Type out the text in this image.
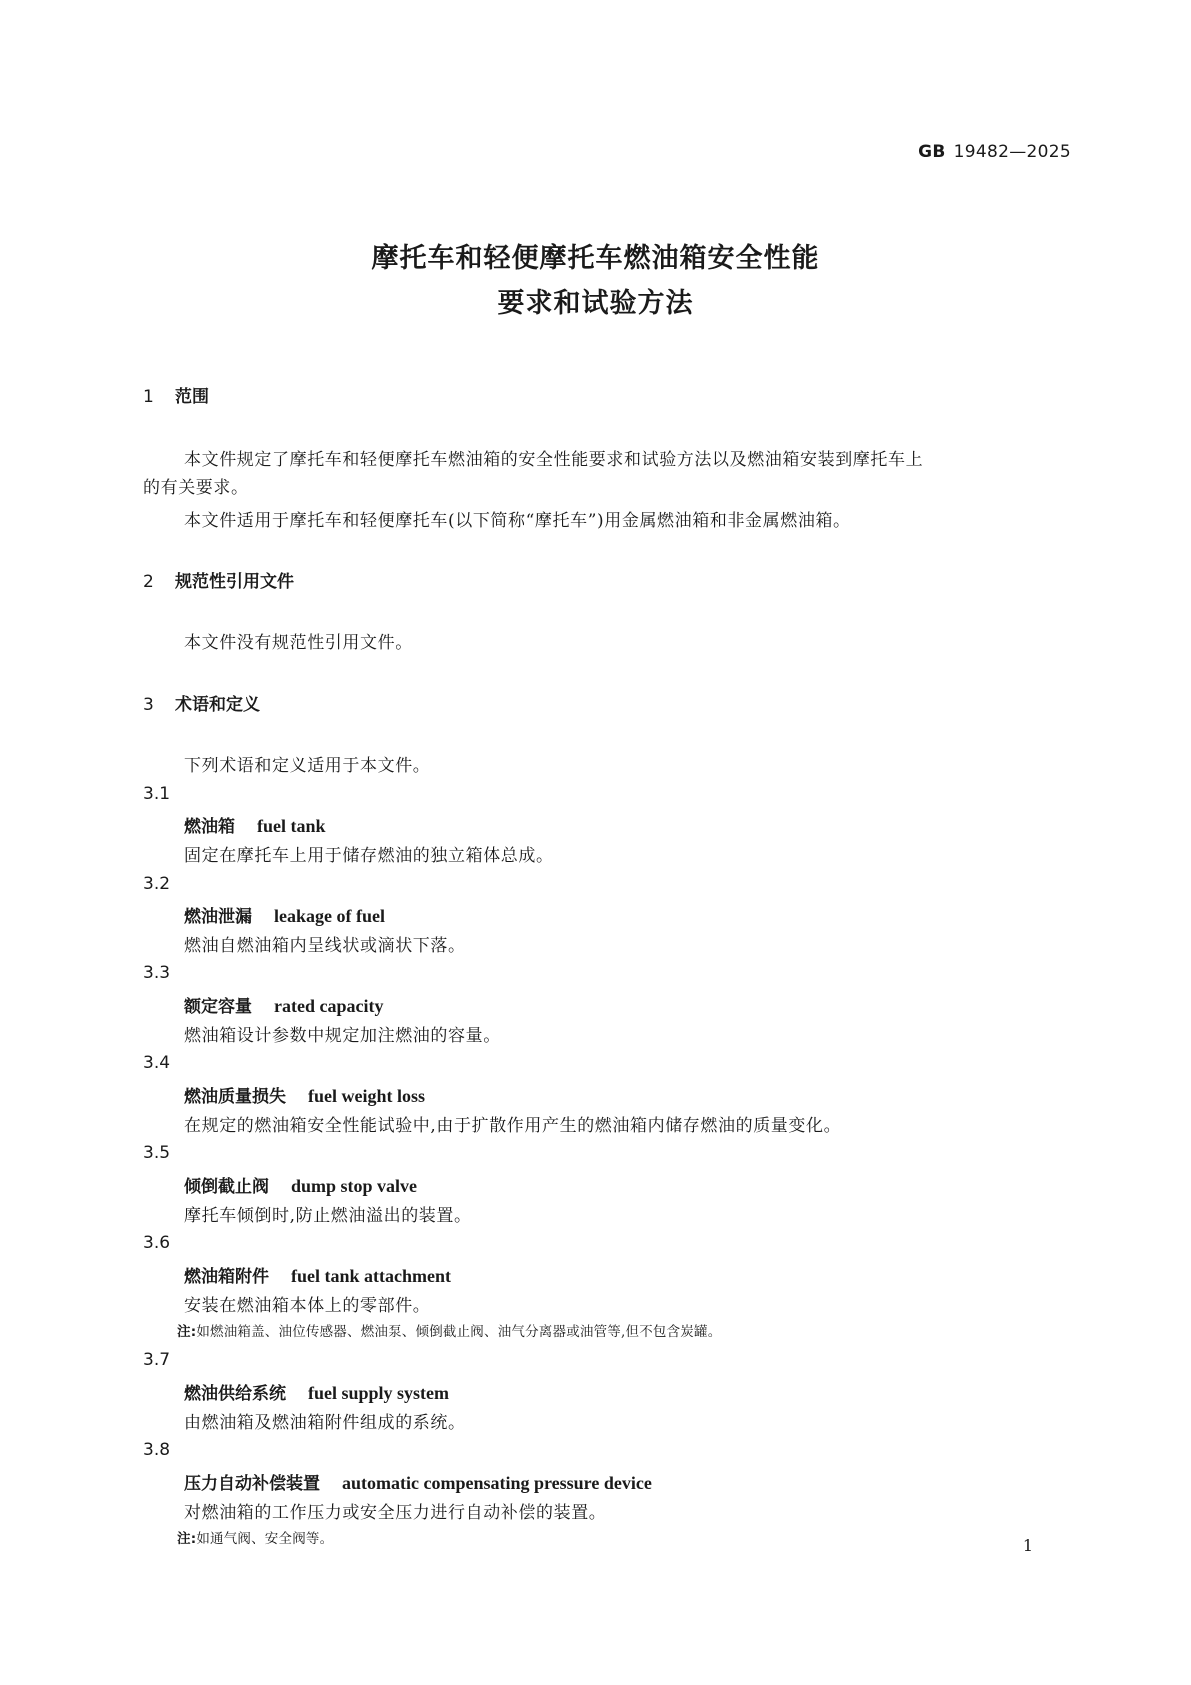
GB 19482—2025
摩托车和轻便摩托车燃油箱安全性能
要求和试验方法
1 范围
本文件规定了摩托车和轻便摩托车燃油箱的安全性能要求和试验方法以及燃油箱安装到摩托车上
的有关要求。
本文件适用于摩托车和轻便摩托车(以下简称“摩托车”)用金属燃油箱和非金属燃油箱。
2 规范性引用文件
本文件没有规范性引用文件。
3 术语和定义
下列术语和定义适用于本文件。
3.1
燃油箱 fuel tank
固定在摩托车上用于储存燃油的独立箱体总成。
3.2
燃油泄漏 leakage of fuel
燃油自燃油箱内呈线状或滴状下落。
3.3
额定容量 rated capacity
燃油箱设计参数中规定加注燃油的容量。
3.4
燃油质量损失 fuel weight loss
在规定的燃油箱安全性能试验中,由于扩散作用产生的燃油箱内储存燃油的质量变化。
3.5
倾倒截止阀 dump stop valve
摩托车倾倒时,防止燃油溢出的装置。
3.6
燃油箱附件 fuel tank attachment
安装在燃油箱本体上的零部件。
注:如燃油箱盖、油位传感器、燃油泵、倾倒截止阀、油气分离器或油管等,但不包含炭罐。
3.7
燃油供给系统 fuel supply system
由燃油箱及燃油箱附件组成的系统。
3.8
压力自动补偿装置 automatic compensating pressure device
对燃油箱的工作压力或安全压力进行自动补偿的装置。
注:如通气阀、安全阀等。	1
